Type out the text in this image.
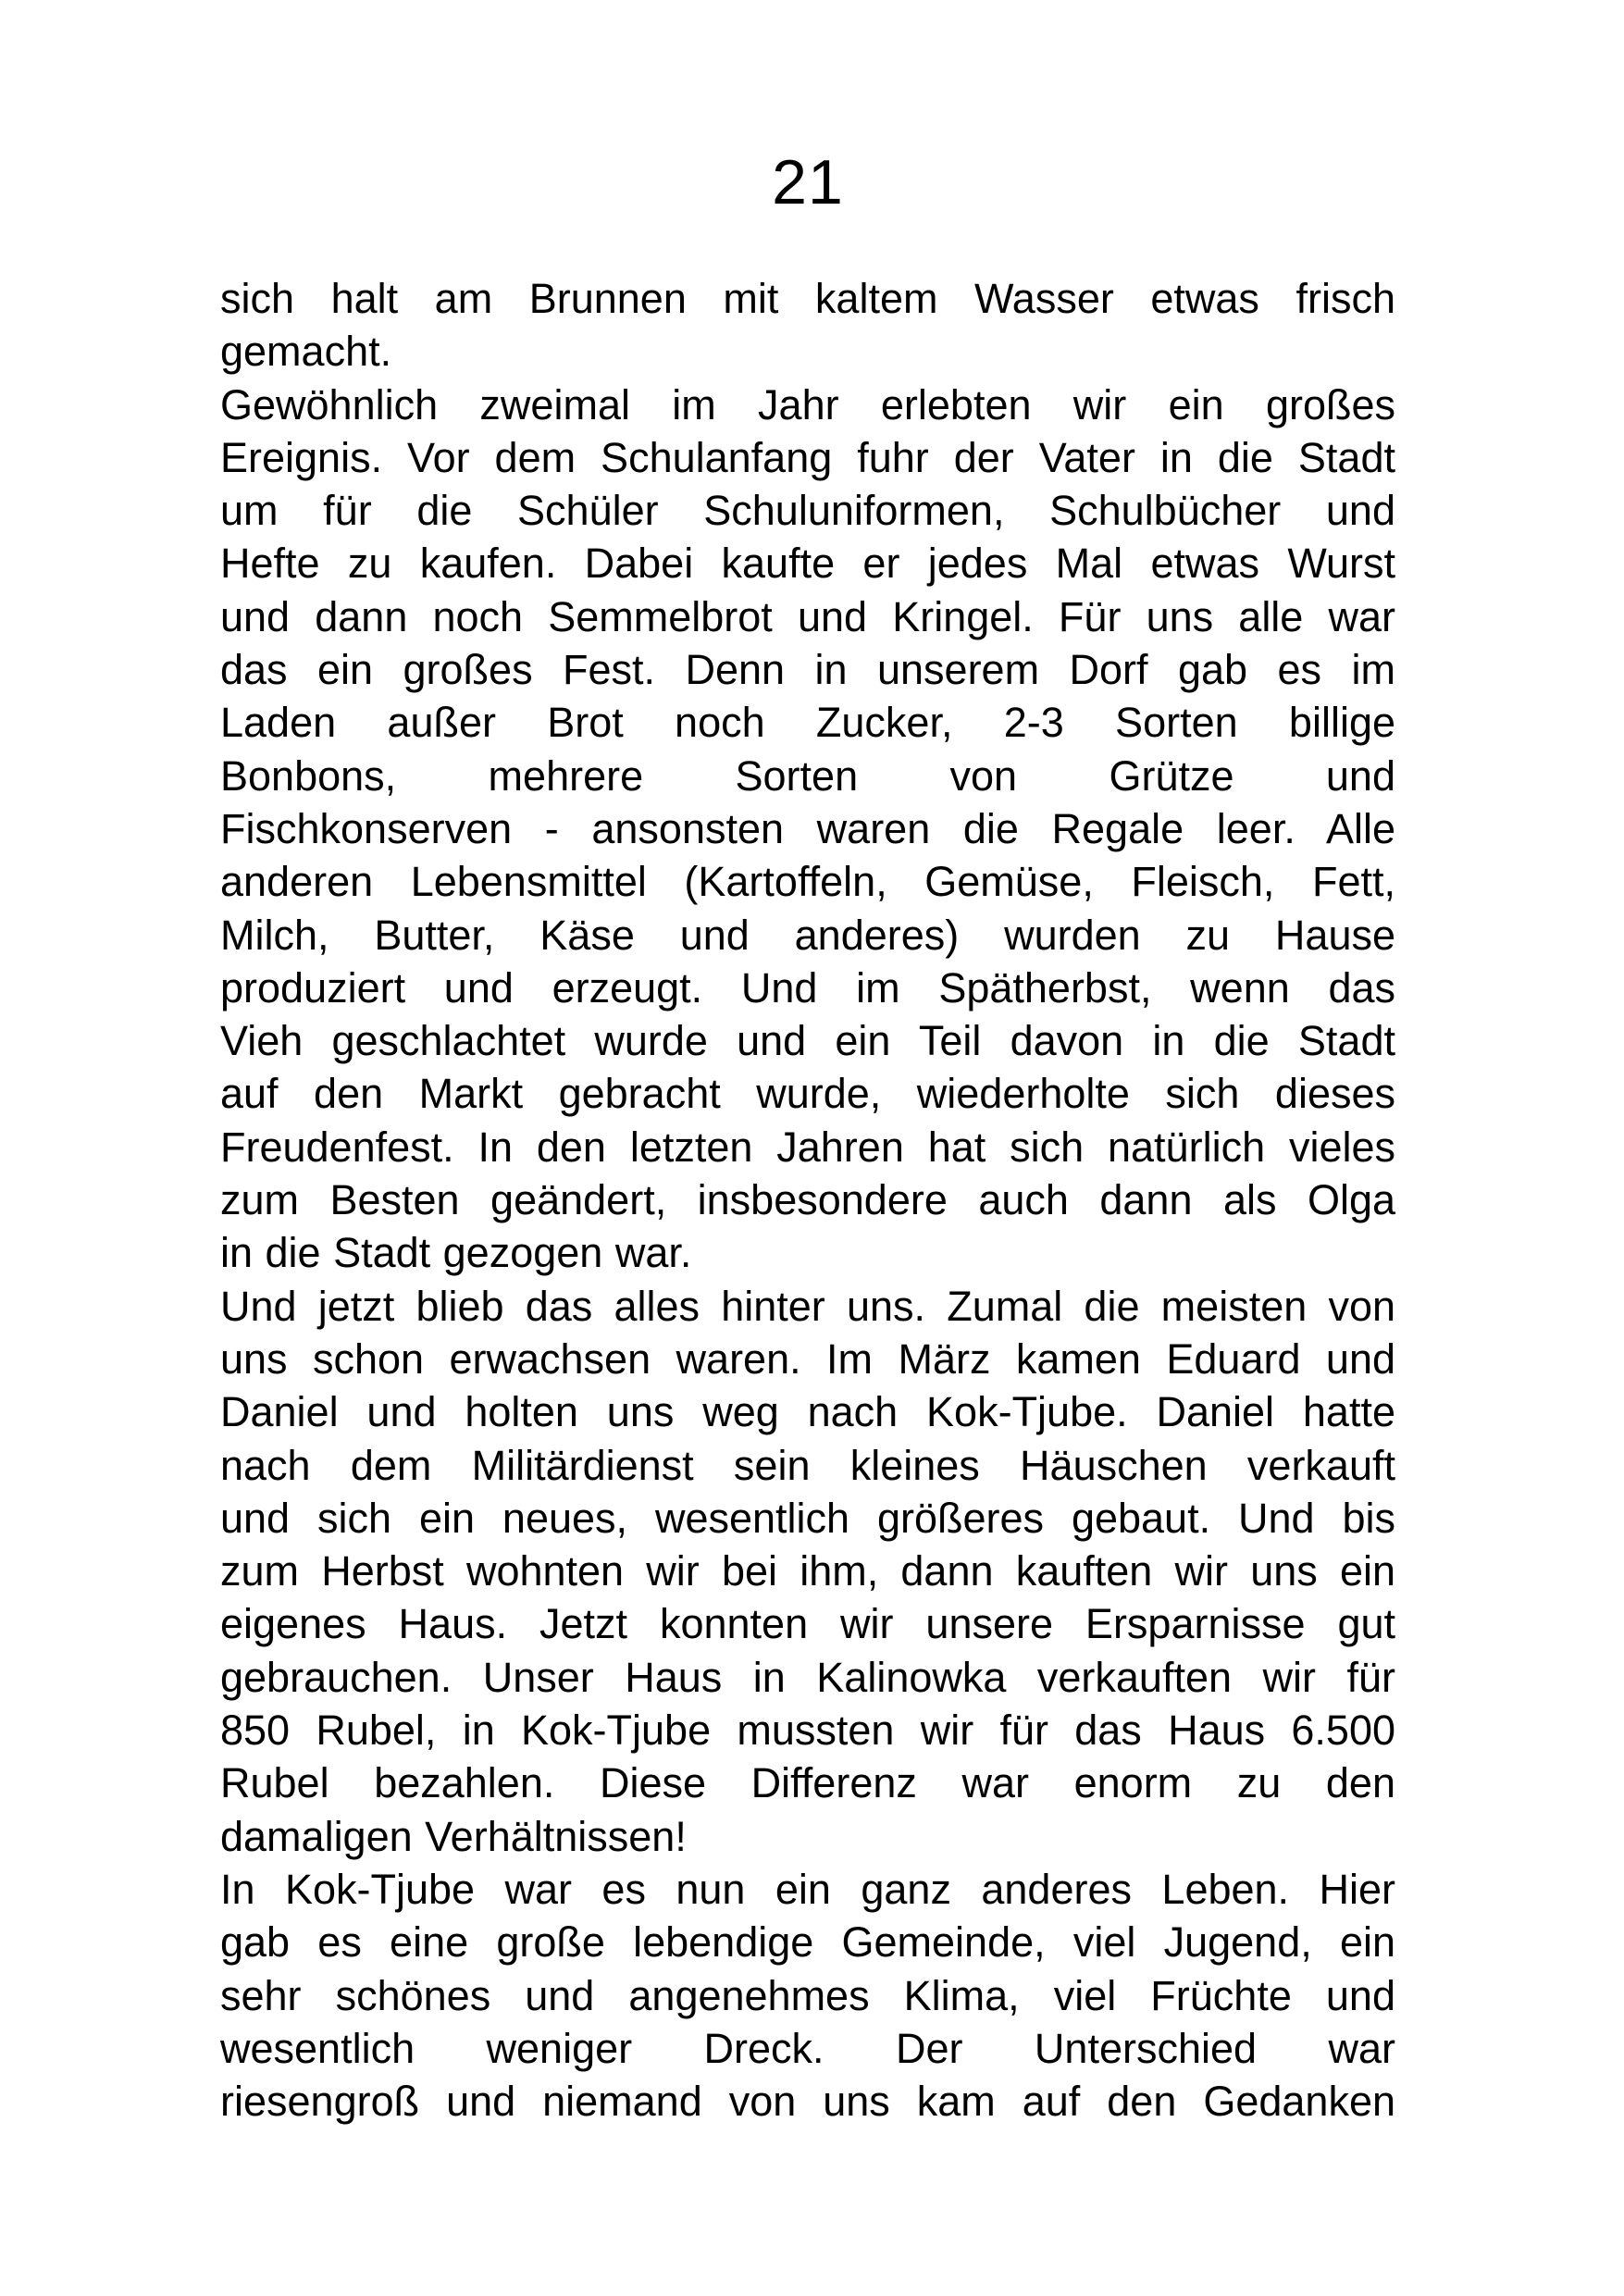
21
sich halt am Brunnen mit kaltem Wasser etwas frisch
gemacht.
Gewöhnlich zweimal im Jahr erlebten wir ein großes
Ereignis. Vor dem Schulanfang fuhr der Vater in die Stadt
um für die Schüler Schuluniformen, Schulbücher und
Hefte zu kaufen. Dabei kaufte er jedes Mal etwas Wurst
und dann noch Semmelbrot und Kringel. Für uns alle war
das ein großes Fest. Denn in unserem Dorf gab es im
Laden außer Brot noch Zucker, 2-3 Sorten billige
Bonbons, mehrere Sorten von Grütze und
Fischkonserven - ansonsten waren die Regale leer. Alle
anderen Lebensmittel (Kartoffeln, Gemüse, Fleisch, Fett,
Milch, Butter, Käse und anderes) wurden zu Hause
produziert und erzeugt. Und im Spätherbst, wenn das
Vieh geschlachtet wurde und ein Teil davon in die Stadt
auf den Markt gebracht wurde, wiederholte sich dieses
Freudenfest. In den letzten Jahren hat sich natürlich vieles
zum Besten geändert, insbesondere auch dann als Olga
in die Stadt gezogen war.
Und jetzt blieb das alles hinter uns. Zumal die meisten von
uns schon erwachsen waren. Im März kamen Eduard und
Daniel und holten uns weg nach Kok-Tjube. Daniel hatte
nach dem Militärdienst sein kleines Häuschen verkauft
und sich ein neues, wesentlich größeres gebaut. Und bis
zum Herbst wohnten wir bei ihm, dann kauften wir uns ein
eigenes Haus. Jetzt konnten wir unsere Ersparnisse gut
gebrauchen. Unser Haus in Kalinowka verkauften wir für
850 Rubel, in Kok-Tjube mussten wir für das Haus 6.500
Rubel bezahlen. Diese Differenz war enorm zu den
damaligen Verhältnissen!
In Kok-Tjube war es nun ein ganz anderes Leben. Hier
gab es eine große lebendige Gemeinde, viel Jugend, ein
sehr schönes und angenehmes Klima, viel Früchte und
wesentlich weniger Dreck. Der Unterschied war
riesengroß und niemand von uns kam auf den Gedanken
